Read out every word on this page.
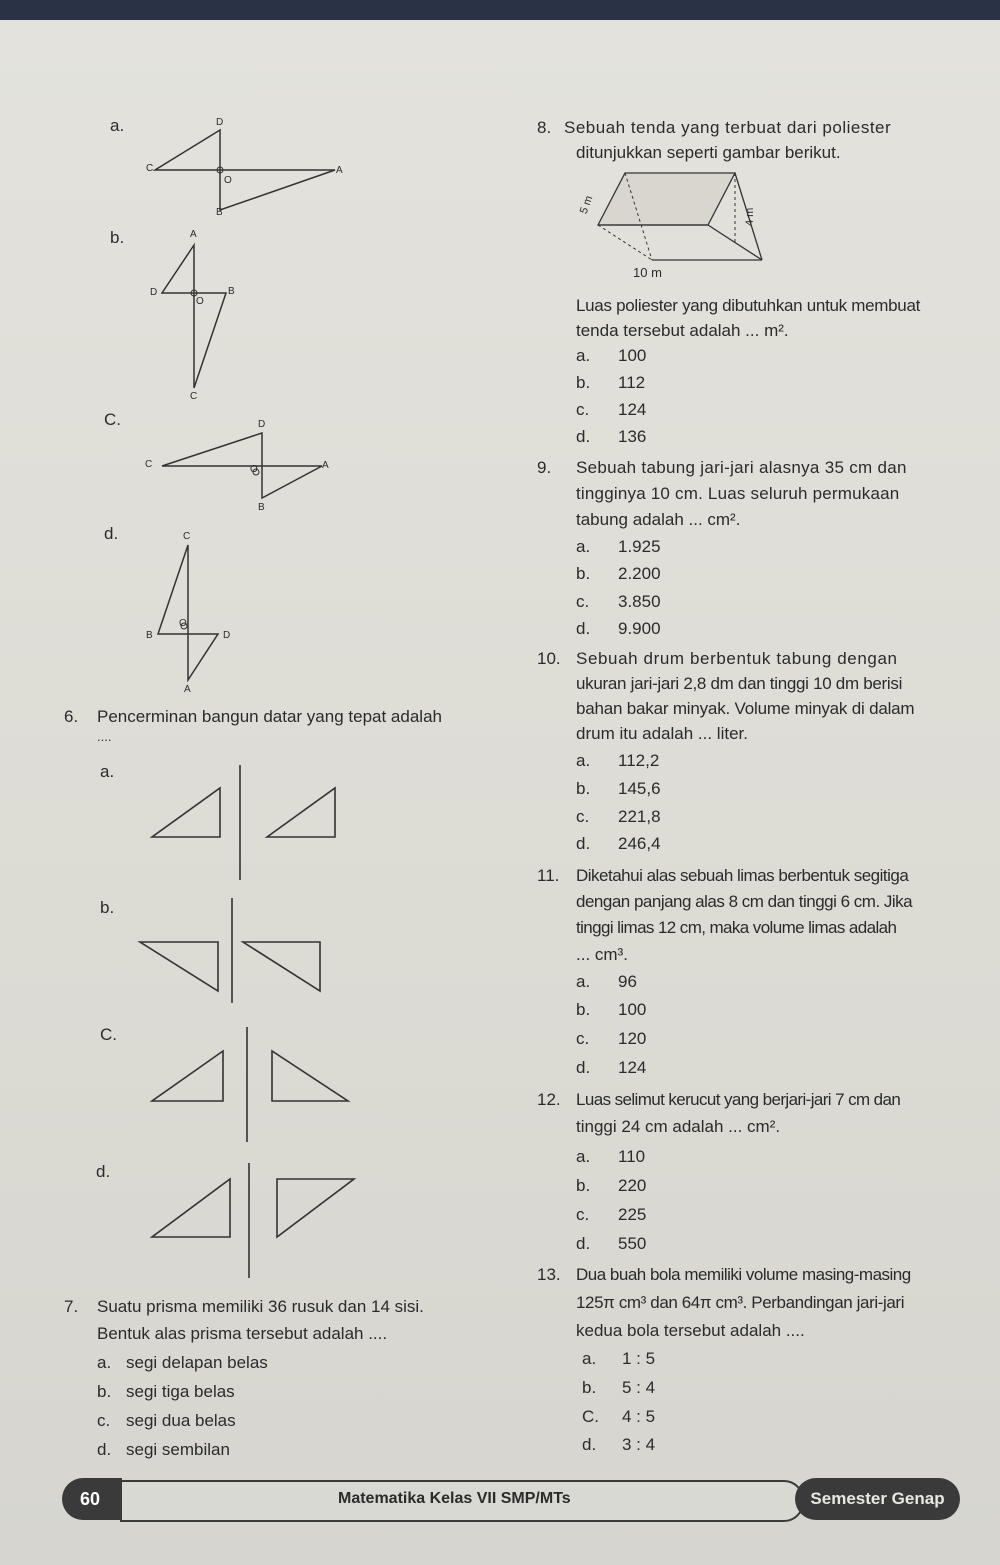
a.	D
C
O
A
B
b.	A
D
O
B
C
C.	D
C	O	A
B
d.	C
B
O
D
A
6. Pencerminan bangun datar yang tepat adalah
....
a.
b.
C.
d.
7. Suatu prisma memiliki 36 rusuk dan 14 sisi.
Bentuk alas prisma tersebut adalah ....
a. segi delapan belas
b. segi tiga belas
c. segi dua belas
d. segi sembilan
8. Sebuah tenda yang terbuat dari poliester
ditunjukkan seperti gambar berikut.
5 m
4 m
10 m
Luas poliester yang dibutuhkan untuk membuat
tenda tersebut adalah ... m².
a. 100
b. 112
c. 124
d. 136
9. Sebuah tabung jari-jari alasnya 35 cm dan
tingginya 10 cm. Luas seluruh permukaan
tabung adalah ... cm².
a. 1.925
b. 2.200
c. 3.850
d. 9.900
10. Sebuah drum berbentuk tabung dengan
ukuran jari-jari 2,8 dm dan tinggi 10 dm berisi
bahan bakar minyak. Volume minyak di dalam
drum itu adalah ... liter.
a. 112,2
b. 145,6
c. 221,8
d. 246,4
11. Diketahui alas sebuah limas berbentuk segitiga
dengan panjang alas 8 cm dan tinggi 6 cm. Jika
tinggi limas 12 cm, maka volume limas adalah
... cm³.
a. 96
b. 100
c. 120
d. 124
12. Luas selimut kerucut yang berjari-jari 7 cm dan
tinggi 24 cm adalah ... cm².
a. 110
b. 220
c. 225
d. 550
13. Dua buah bola memiliki volume masing-masing
125π cm³ dan 64π cm³. Perbandingan jari-jari
kedua bola tersebut adalah ....
a. 1 : 5
b. 5 : 4
C. 4 : 5
d. 3 : 4
60	Matematika Kelas VII SMP/MTs	Semester Genap
